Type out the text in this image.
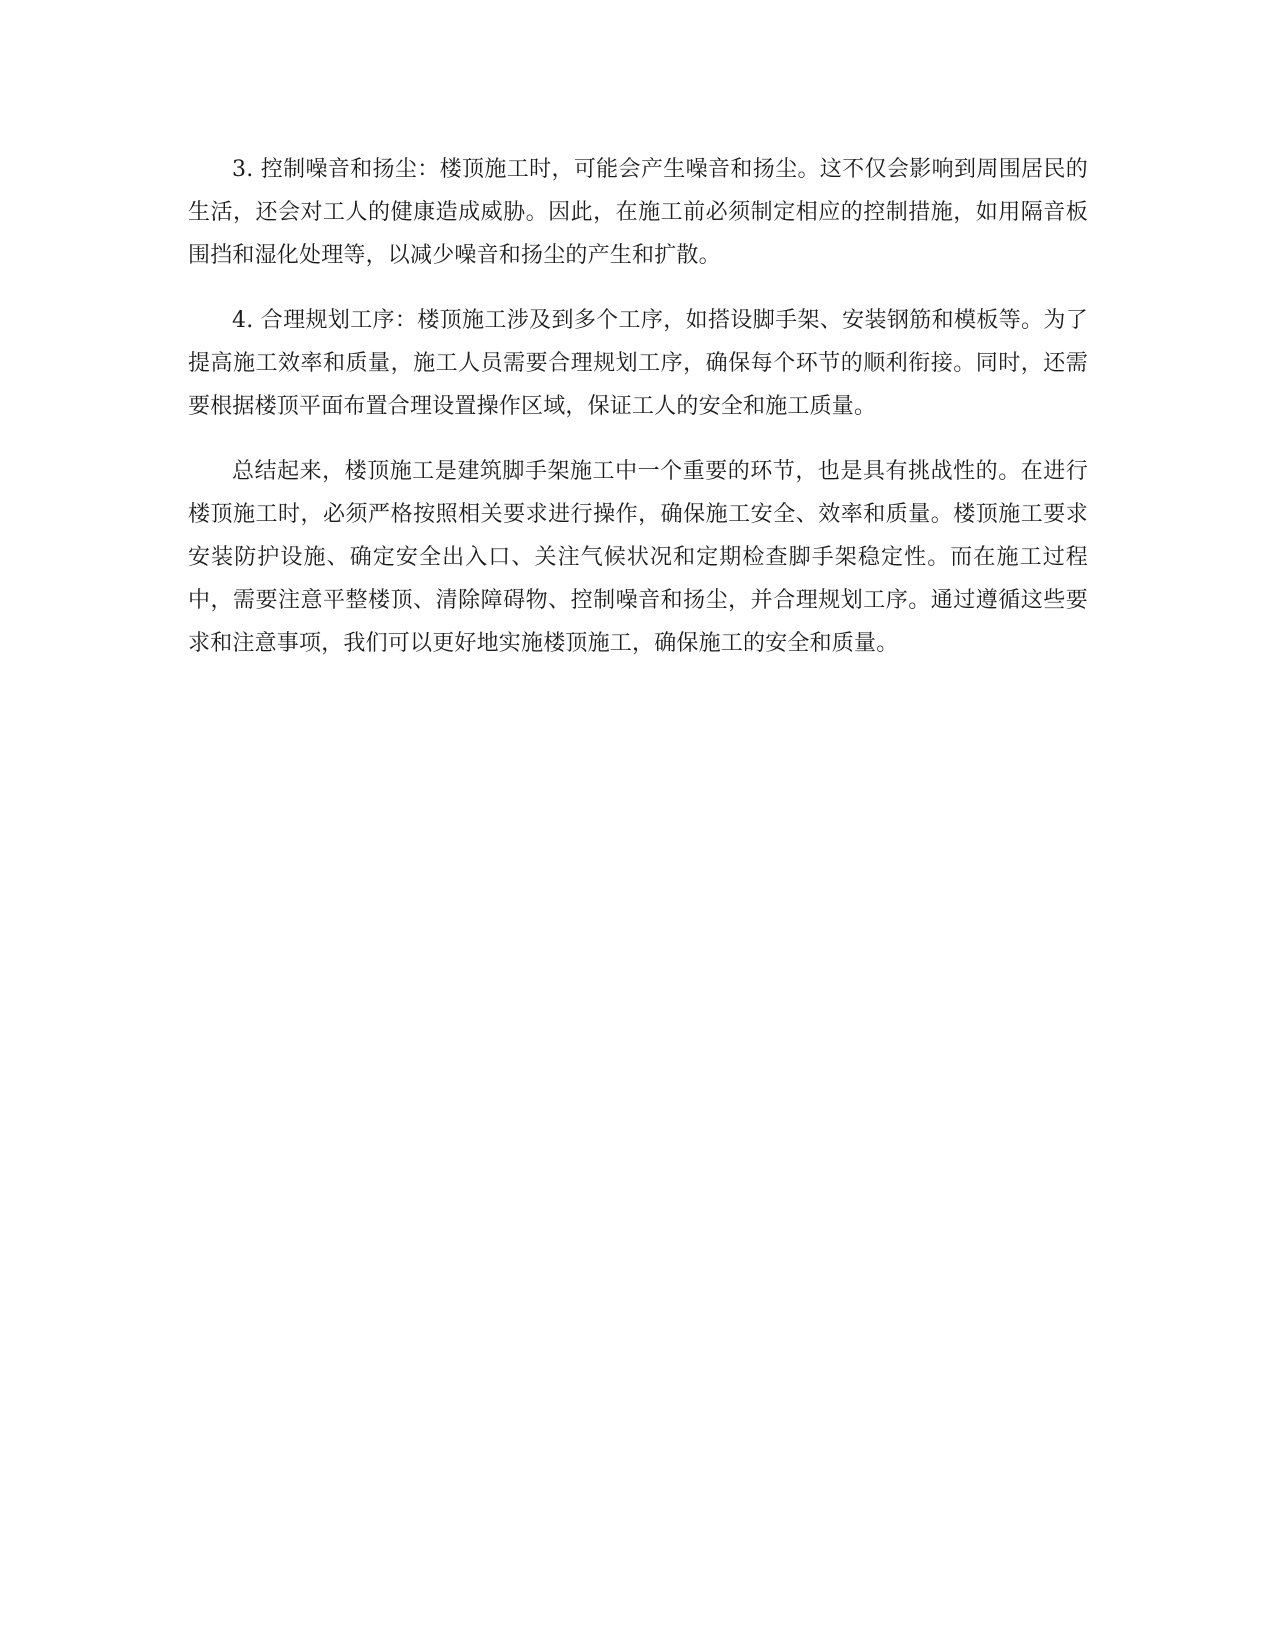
3. 控制噪音和扬尘：楼顶施工时，可能会产生噪音和扬尘。这不仅会影响到周围居民的生活，还会对工人的健康造成威胁。因此，在施工前必须制定相应的控制措施，如用隔音板围挡和湿化处理等，以减少噪音和扬尘的产生和扩散。

4. 合理规划工序：楼顶施工涉及到多个工序，如搭设脚手架、安装钢筋和模板等。为了提高施工效率和质量，施工人员需要合理规划工序，确保每个环节的顺利衔接。同时，还需要根据楼顶平面布置合理设置操作区域，保证工人的安全和施工质量。

总结起来，楼顶施工是建筑脚手架施工中一个重要的环节，也是具有挑战性的。在进行楼顶施工时，必须严格按照相关要求进行操作，确保施工安全、效率和质量。楼顶施工要求安装防护设施、确定安全出入口、关注气候状况和定期检查脚手架稳定性。而在施工过程中，需要注意平整楼顶、清除障碍物、控制噪音和扬尘，并合理规划工序。通过遵循这些要求和注意事项，我们可以更好地实施楼顶施工，确保施工的安全和质量。
